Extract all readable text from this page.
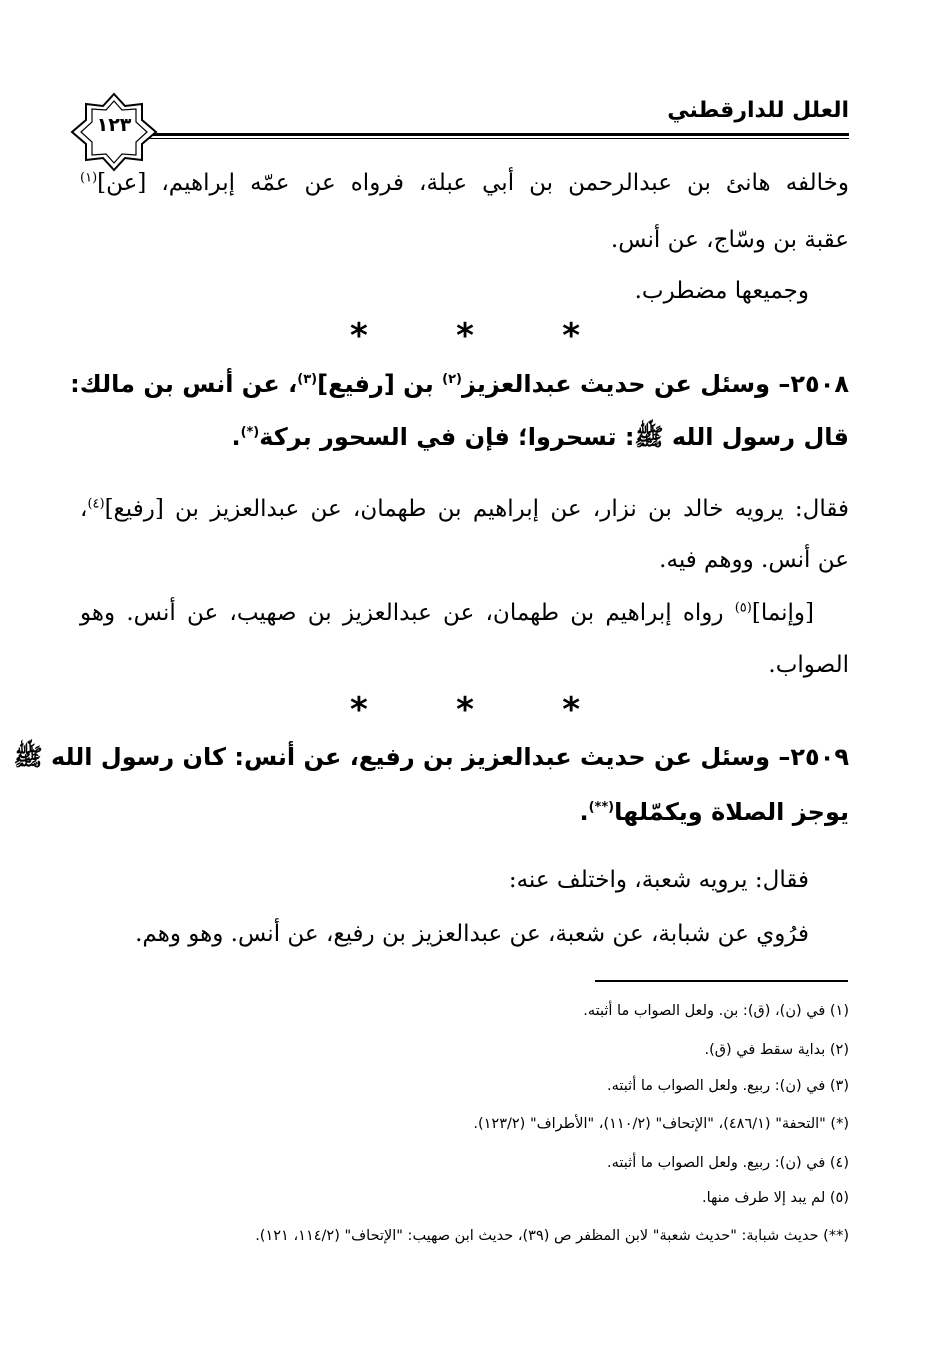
العلل للدارقطني
١٢٣
وخالفه هانئ بن عبدالرحمن بن أبي عبلة، فرواه عن عمّه إبراهيم، [عن]$^{(١)}$
عقبة بن وسّاج، عن أنس.
وجميعها مضطرب.
*
*
*
٢٥٠٨– وسئل عن حديث عبدالعزيز$^{(٢)}$ بن [رفيع]$^{(٣)}$، عن أنس بن مالك:
قال رسول الله ﷺ: تسحروا؛ فإن في السحور بركة(*).
فقال: يرويه خالد بن نزار، عن إبراهيم بن طهمان، عن عبدالعزيز بن [رفيع]$^{(٤)}$،
عن أنس. ووهم فيه.
[وإنما]$^{(٥)}$ رواه إبراهيم بن طهمان، عن عبدالعزيز بن صهيب، عن أنس. وهو
الصواب.
*
*
*
٢٥٠٩– وسئل عن حديث عبدالعزيز بن رفيع، عن أنس: كان رسول الله ﷺ
يوجز الصلاة ويكمّلها(**).
فقال: يرويه شعبة، واختلف عنه:
فرُوي عن شبابة، عن شعبة، عن عبدالعزيز بن رفيع، عن أنس. وهو وهم.
(١) في (ن)، (ق): بن. ولعل الصواب ما أثبته.
(٢) بداية سقط في (ق).
(٣) في (ن): ربيع. ولعل الصواب ما أثبته.
(*) "التحفة" (٤٨٦/١)، "الإتحاف" (١١٠/٢)، "الأطراف" (١٢٣/٢).
(٤) في (ن): ربيع. ولعل الصواب ما أثبته.
(٥) لم يبد إلا طرف منها.
(**) حديث شبابة: "حديث شعبة" لابن المظفر ص (٣٩)، حديث ابن صهيب: "الإتحاف" (١١٤/٢، ١٢١).
